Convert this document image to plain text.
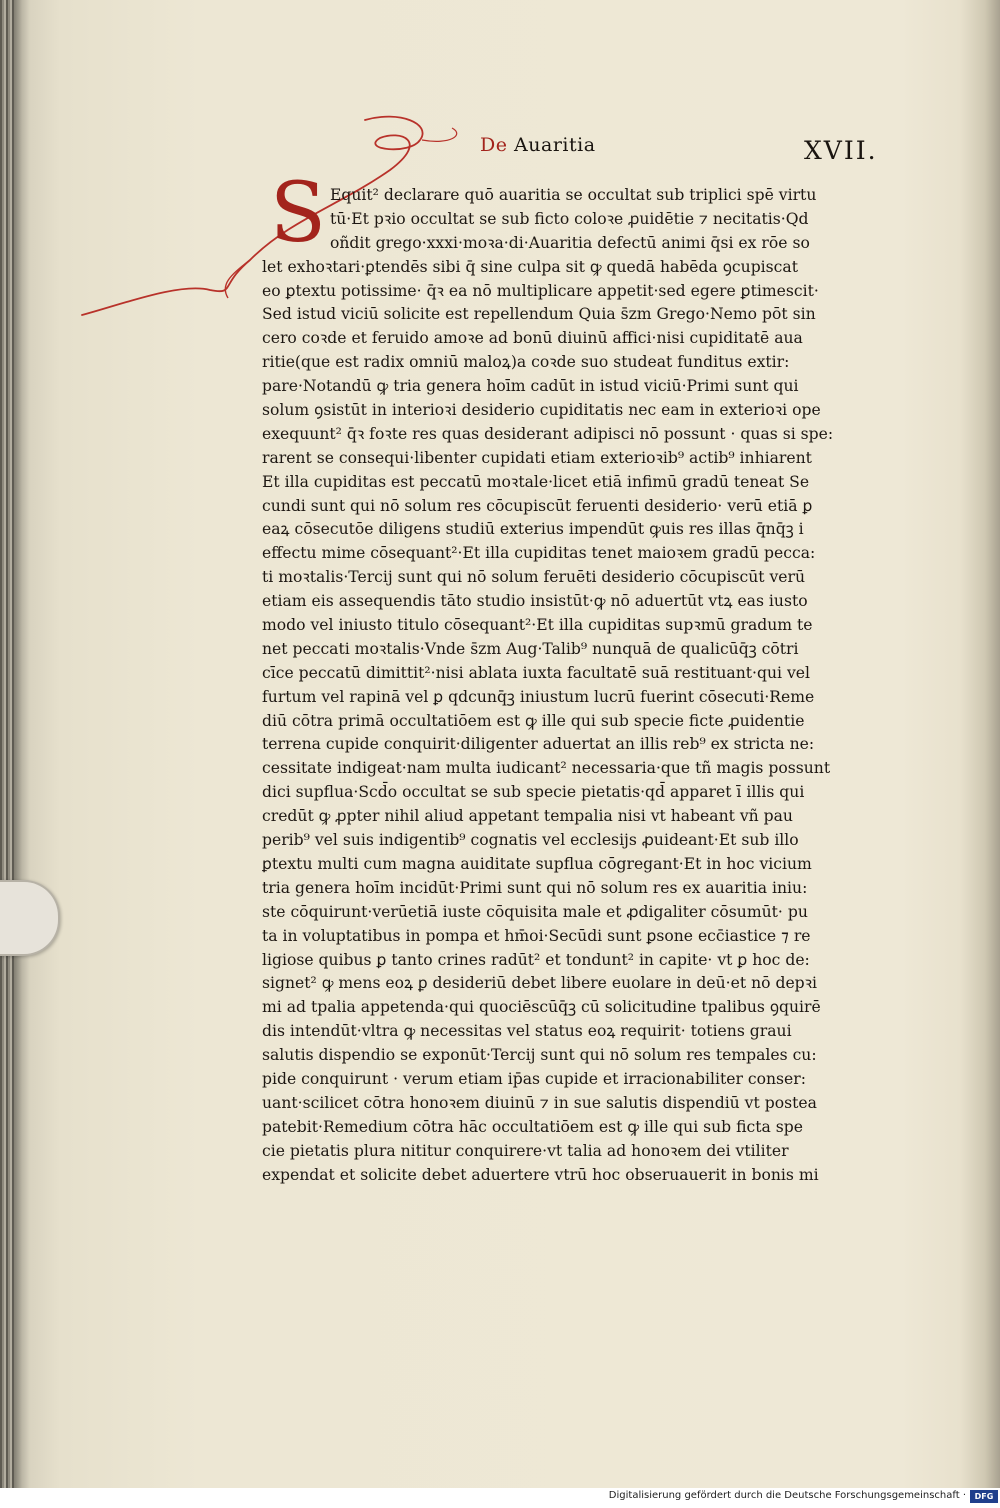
De Auaritia	XVII.
S Equit² declarare quō auaritia se occultat sub triplici spē virtu
tū·Et pꝛio occultat se sub ficto coloꝛe ꝓuidētie ⁊ necitatis·Qd
oñdit grego·xxxi·moꝛa·di·Auaritia defectū animi q̄si ex rōe so
let exhoꝛtari·ꝑtendēs sibi q̄ sine culpa sit ꝙ quedā habēda ꝯcupiscat
eo ꝑtextu potissime· q̄ꝛ ea nō multiplicare appetit·sed egere ꝑtimescit·
Sed istud viciū solicite est repellendum Quia s̄zm Grego·Nemo pōt sin
cero coꝛde et feruido amoꝛe ad bonū diuinū affici·nisi cupiditatē aua
ritie(que est radix omniū maloꝝ)a coꝛde suo studeat funditus extir:
pare·Notandū ꝙ tria genera hoīm cadūt in istud viciū·Primi sunt qui
solum ꝯsistūt in interioꝛi desiderio cupiditatis nec eam in exterioꝛi ope
exequunt² q̄ꝛ foꝛte res quas desiderant adipisci nō possunt · quas si spe:
rarent se consequi·libenter cupidati etiam exterioꝛib⁹ actib⁹ inhiarent
Et illa cupiditas est peccatū moꝛtale·licet etiā infimū gradū teneat Se
cundi sunt qui nō solum res cōcupiscūt feruenti desiderio· verū etiā ꝑ
eaꝝ cōsecutōe diligens studiū exterius impendūt ꝙuis res illas q̄nq̄ꝫ i
effectu mime cōsequant²·Et illa cupiditas tenet maioꝛem gradū pecca:
ti moꝛtalis·Tercij sunt qui nō solum feruēti desiderio cōcupiscūt verū
etiam eis assequendis tāto studio insistūt·ꝙ nō aduertūt vtꝝ eas iusto
modo vel iniusto titulo cōsequant²·Et illa cupiditas supꝛmū gradum te
net peccati moꝛtalis·Vnde s̄zm Aug·Talib⁹ nunquā de qualicūq̄ꝫ cōtri
cīce peccatū dimittit²·nisi ablata iuxta facultatē suā restituant·qui vel
furtum vel rapinā vel ꝑ qdcunq̄ꝫ iniustum lucrū fuerint cōsecuti·Reme
diū cōtra primā occultatiōem est ꝙ ille qui sub specie ficte ꝓuidentie
terrena cupide conquirit·diligenter aduertat an illis reb⁹ ex stricta ne:
cessitate indigeat·nam multa iudicant² necessaria·que tñ magis possunt
dici supflua·Scd̄o occultat se sub specie pietatis·qd̄ apparet ī illis qui
credūt ꝙ ꝓpter nihil aliud appetant tempalia nisi vt habeant vñ pau
perib⁹ vel suis indigentib⁹ cognatis vel ecclesijs ꝓuideant·Et sub illo
ꝑtextu multi cum magna auiditate supflua cōgregant·Et in hoc vicium
tria genera hoīm incidūt·Primi sunt qui nō solum res ex auaritia iniu:
ste cōquirunt·verūetiā iuste cōquisita male et ꝓdigaliter cōsumūt· pu
ta in voluptatibus in pompa et hm̄oi·Secūdi sunt ꝑsone ecc̄iastice ⁊ re
ligiose quibus ꝑ tanto crines radūt² et tondunt² in capite· vt ꝑ hoc de:
signet² ꝙ mens eoꝝ ꝑ desideriū debet libere euolare in deū·et nō depꝛi
mi ad tpalia appetenda·qui quociēscūq̄ꝫ cū solicitudine tpalibus ꝯquirē
dis intendūt·vltra ꝙ necessitas vel status eoꝝ requirit· totiens graui
salutis dispendio se exponūt·Tercij sunt qui nō solum res tempales cu:
pide conquirunt · verum etiam ip̄as cupide et irracionabiliter conser:
uant·scilicet cōtra honoꝛem diuinū ⁊ in sue salutis dispendiū vt postea
patebit·Remedium cōtra hāc occultatiōem est ꝙ ille qui sub ficta spe
cie pietatis plura nititur conquirere·vt talia ad honoꝛem dei vtiliter
expendat et solicite debet aduertere vtrū hoc obseruauerit in bonis mi
Digitalisierung gefördert durch die Deutsche Forschungsgemeinschaft ·	DFG
